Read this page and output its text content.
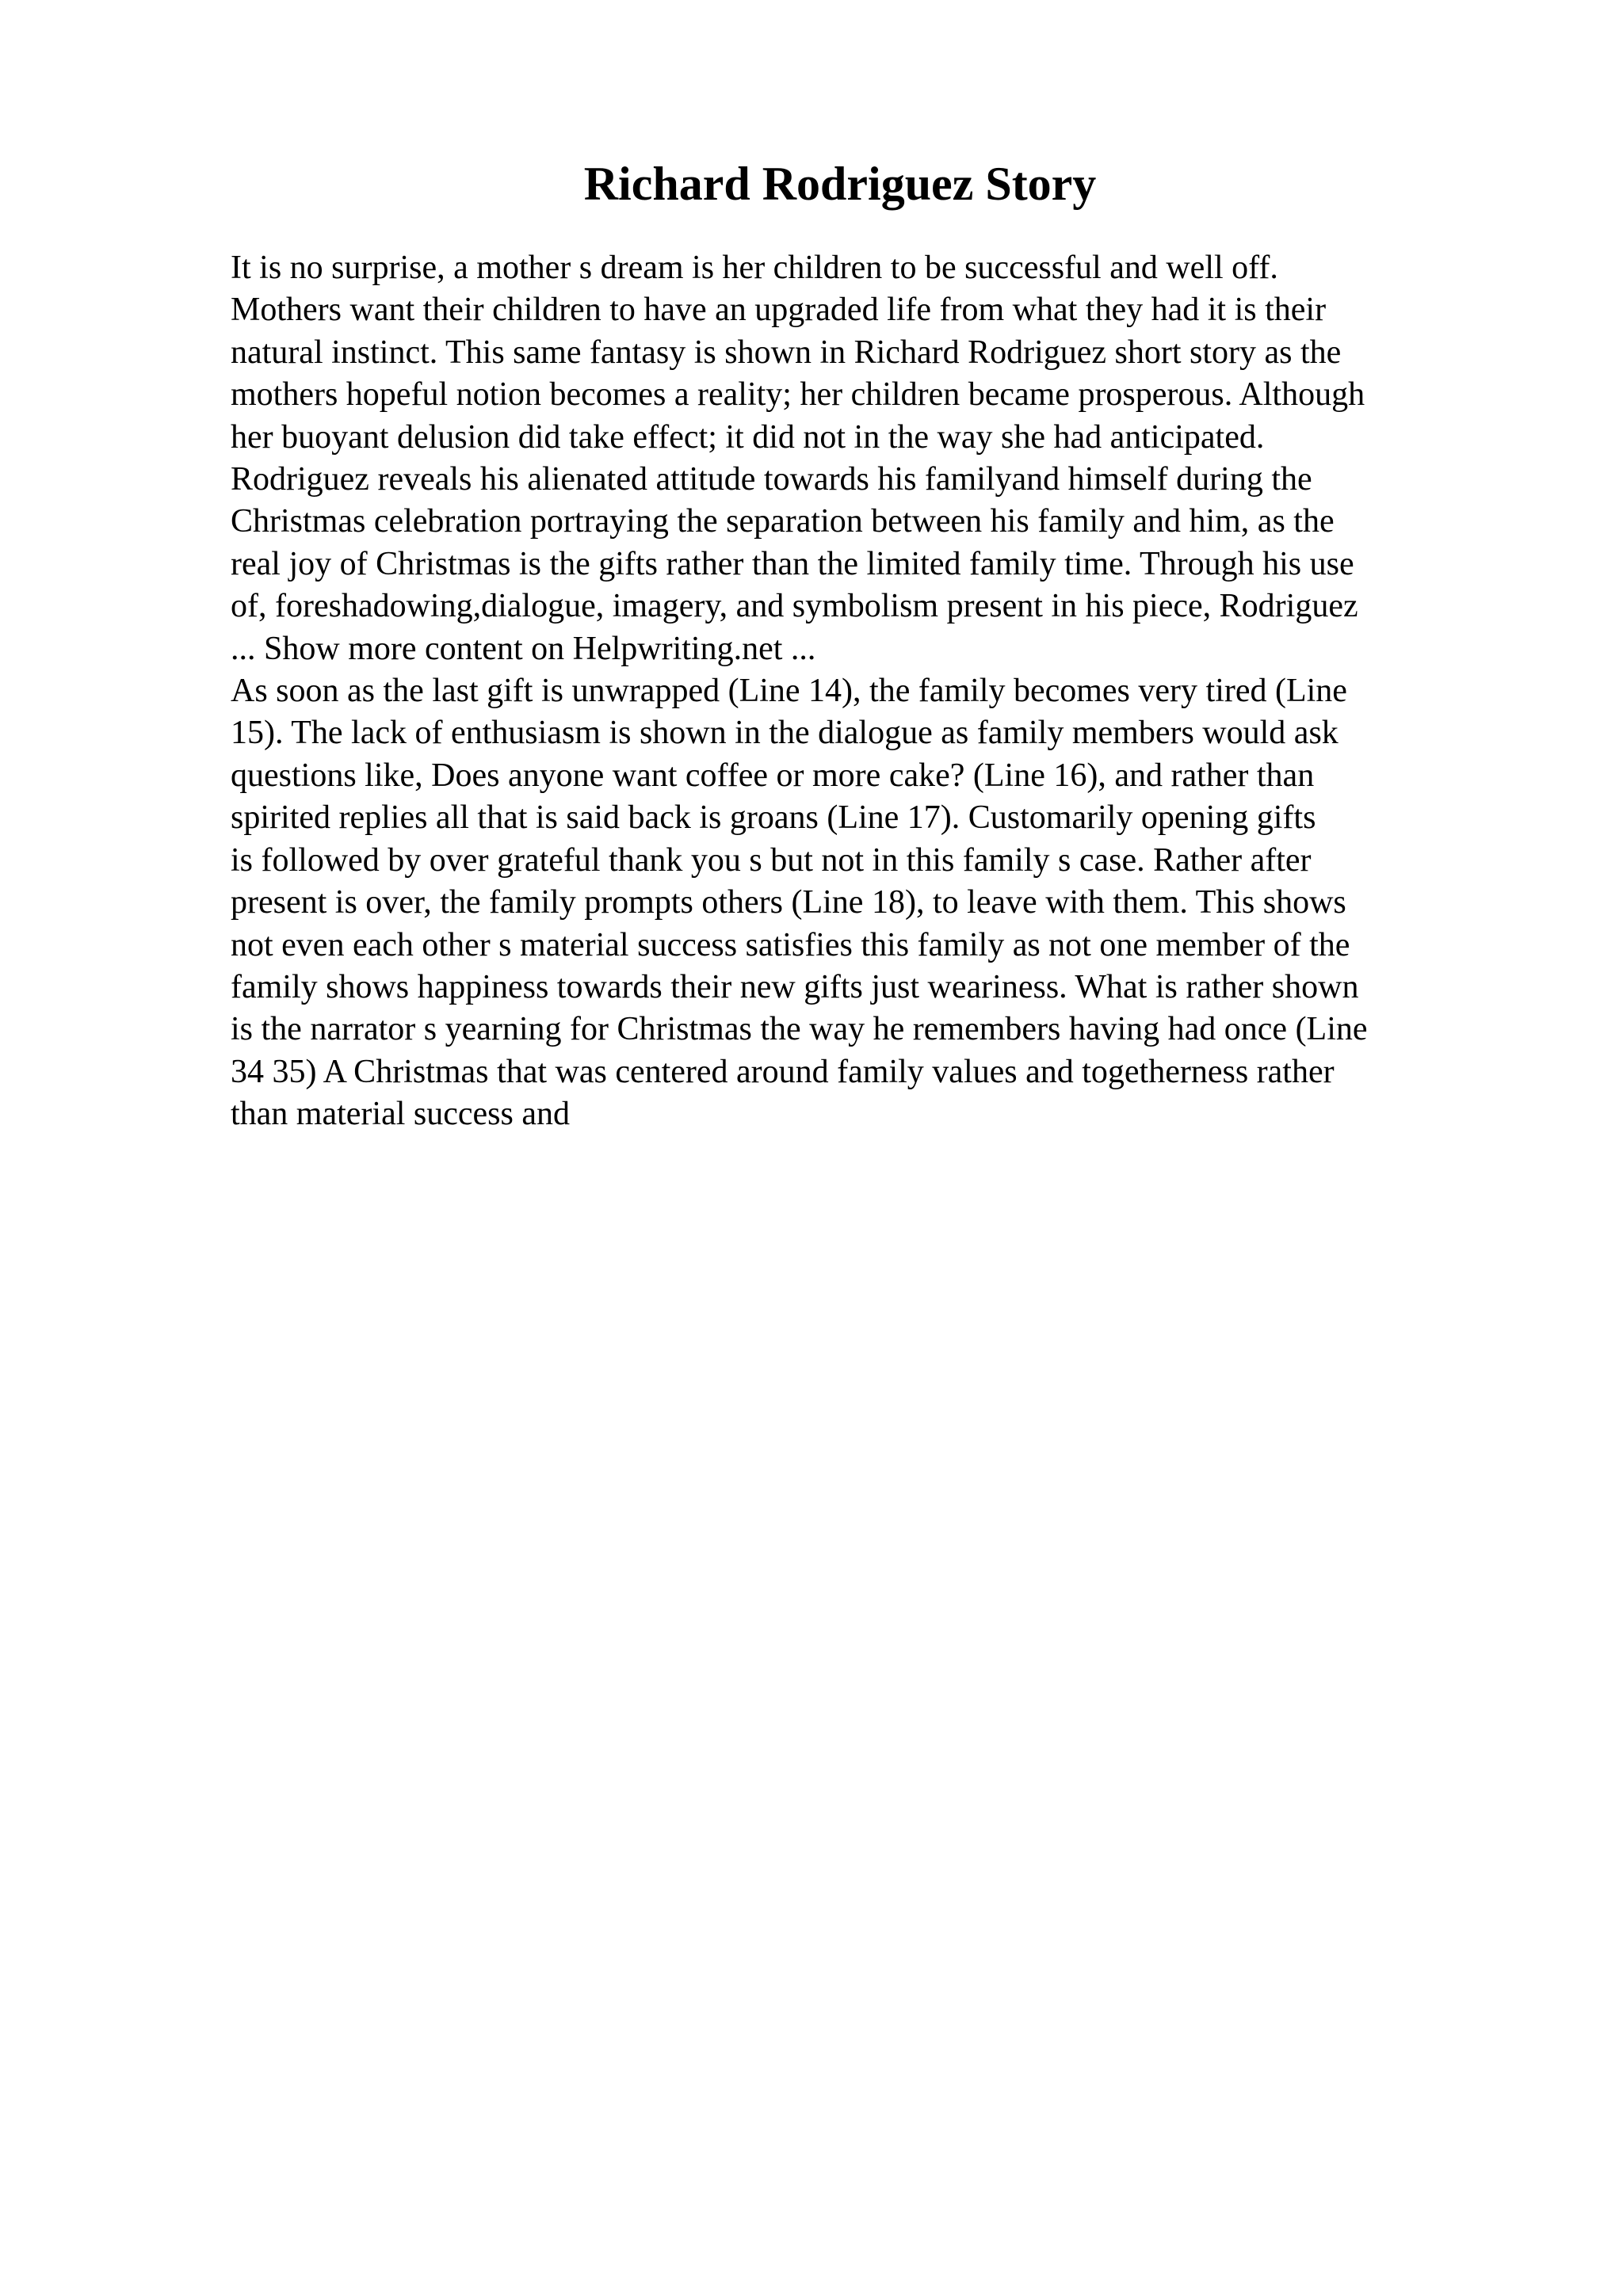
Richard Rodriguez Story
It is no surprise, a mother s dream is her children to be successful and well off.
Mothers want their children to have an upgraded life from what they had it is their
natural instinct. This same fantasy is shown in Richard Rodriguez short story as the
mothers hopeful notion becomes a reality; her children became prosperous. Although
her buoyant delusion did take effect; it did not in the way she had anticipated.
Rodriguez reveals his alienated attitude towards his familyand himself during the
Christmas celebration portraying the separation between his family and him, as the
real joy of Christmas is the gifts rather than the limited family time. Through his use
of, foreshadowing,dialogue, imagery, and symbolism present in his piece, Rodriguez
... Show more content on Helpwriting.net ...
As soon as the last gift is unwrapped (Line 14), the family becomes very tired (Line
15). The lack of enthusiasm is shown in the dialogue as family members would ask
questions like, Does anyone want coffee or more cake? (Line 16), and rather than
spirited replies all that is said back is groans (Line 17). Customarily opening gifts
is followed by over grateful thank you s but not in this family s case. Rather after
present is over, the family prompts others (Line 18), to leave with them. This shows
not even each other s material success satisfies this family as not one member of the
family shows happiness towards their new gifts just weariness. What is rather shown
is the narrator s yearning for Christmas the way he remembers having had once (Line
34 35) A Christmas that was centered around family values and togetherness rather
than material success and
